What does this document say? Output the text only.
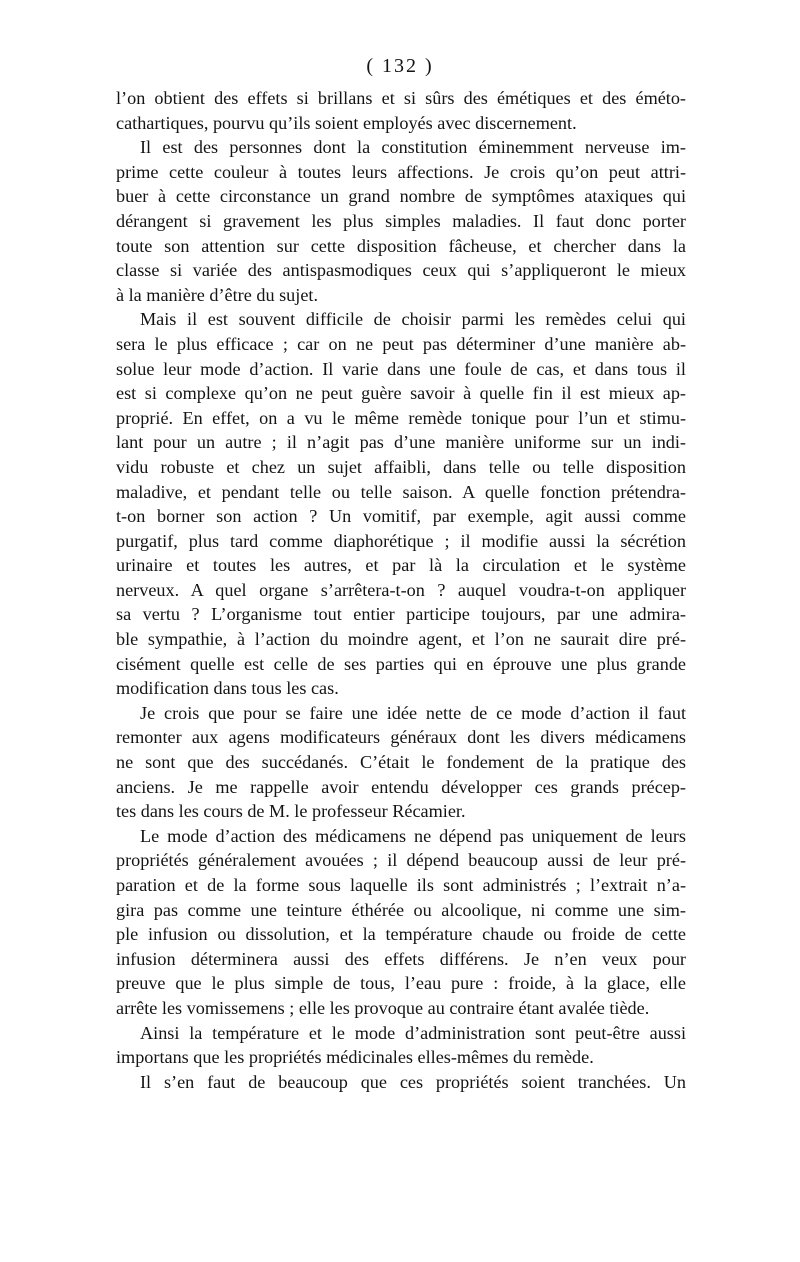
( 132 )
l’on obtient des effets si brillans et si sûrs des émétiques et des éméto-
cathartiques, pourvu qu’ils soient employés avec discernement.
Il est des personnes dont la constitution éminemment nerveuse im-
prime cette couleur à toutes leurs affections. Je crois qu’on peut attri-
buer à cette circonstance un grand nombre de symptômes ataxiques qui
dérangent si gravement les plus simples maladies. Il faut donc porter
toute son attention sur cette disposition fâcheuse, et chercher dans la
classe si variée des antispasmodiques ceux qui s’appliqueront le mieux
à la manière d’être du sujet.
Mais il est souvent difficile de choisir parmi les remèdes celui qui
sera le plus efficace ; car on ne peut pas déterminer d’une manière ab-
solue leur mode d’action. Il varie dans une foule de cas, et dans tous il
est si complexe qu’on ne peut guère savoir à quelle fin il est mieux ap-
proprié. En effet, on a vu le même remède tonique pour l’un et stimu-
lant pour un autre ; il n’agit pas d’une manière uniforme sur un indi-
vidu robuste et chez un sujet affaibli, dans telle ou telle disposition
maladive, et pendant telle ou telle saison. A quelle fonction prétendra-
t-on borner son action ? Un vomitif, par exemple, agit aussi comme
purgatif, plus tard comme diaphorétique ; il modifie aussi la sécrétion
urinaire et toutes les autres, et par là la circulation et le système
nerveux. A quel organe s’arrêtera-t-on ? auquel voudra-t-on appliquer
sa vertu ? L’organisme tout entier participe toujours, par une admira-
ble sympathie, à l’action du moindre agent, et l’on ne saurait dire pré-
cisément quelle est celle de ses parties qui en éprouve une plus grande
modification dans tous les cas.
Je crois que pour se faire une idée nette de ce mode d’action il faut
remonter aux agens modificateurs généraux dont les divers médicamens
ne sont que des succédanés. C’était le fondement de la pratique des
anciens. Je me rappelle avoir entendu développer ces grands précep-
tes dans les cours de M. le professeur Récamier.
Le mode d’action des médicamens ne dépend pas uniquement de leurs
propriétés généralement avouées ; il dépend beaucoup aussi de leur pré-
paration et de la forme sous laquelle ils sont administrés ; l’extrait n’a-
gira pas comme une teinture éthérée ou alcoolique, ni comme une sim-
ple infusion ou dissolution, et la température chaude ou froide de cette
infusion déterminera aussi des effets différens. Je n’en veux pour
preuve que le plus simple de tous, l’eau pure : froide, à la glace, elle
arrête les vomissemens ; elle les provoque au contraire étant avalée tiède.
Ainsi la température et le mode d’administration sont peut-être aussi
importans que les propriétés médicinales elles-mêmes du remède.
Il s’en faut de beaucoup que ces propriétés soient tranchées. Un
